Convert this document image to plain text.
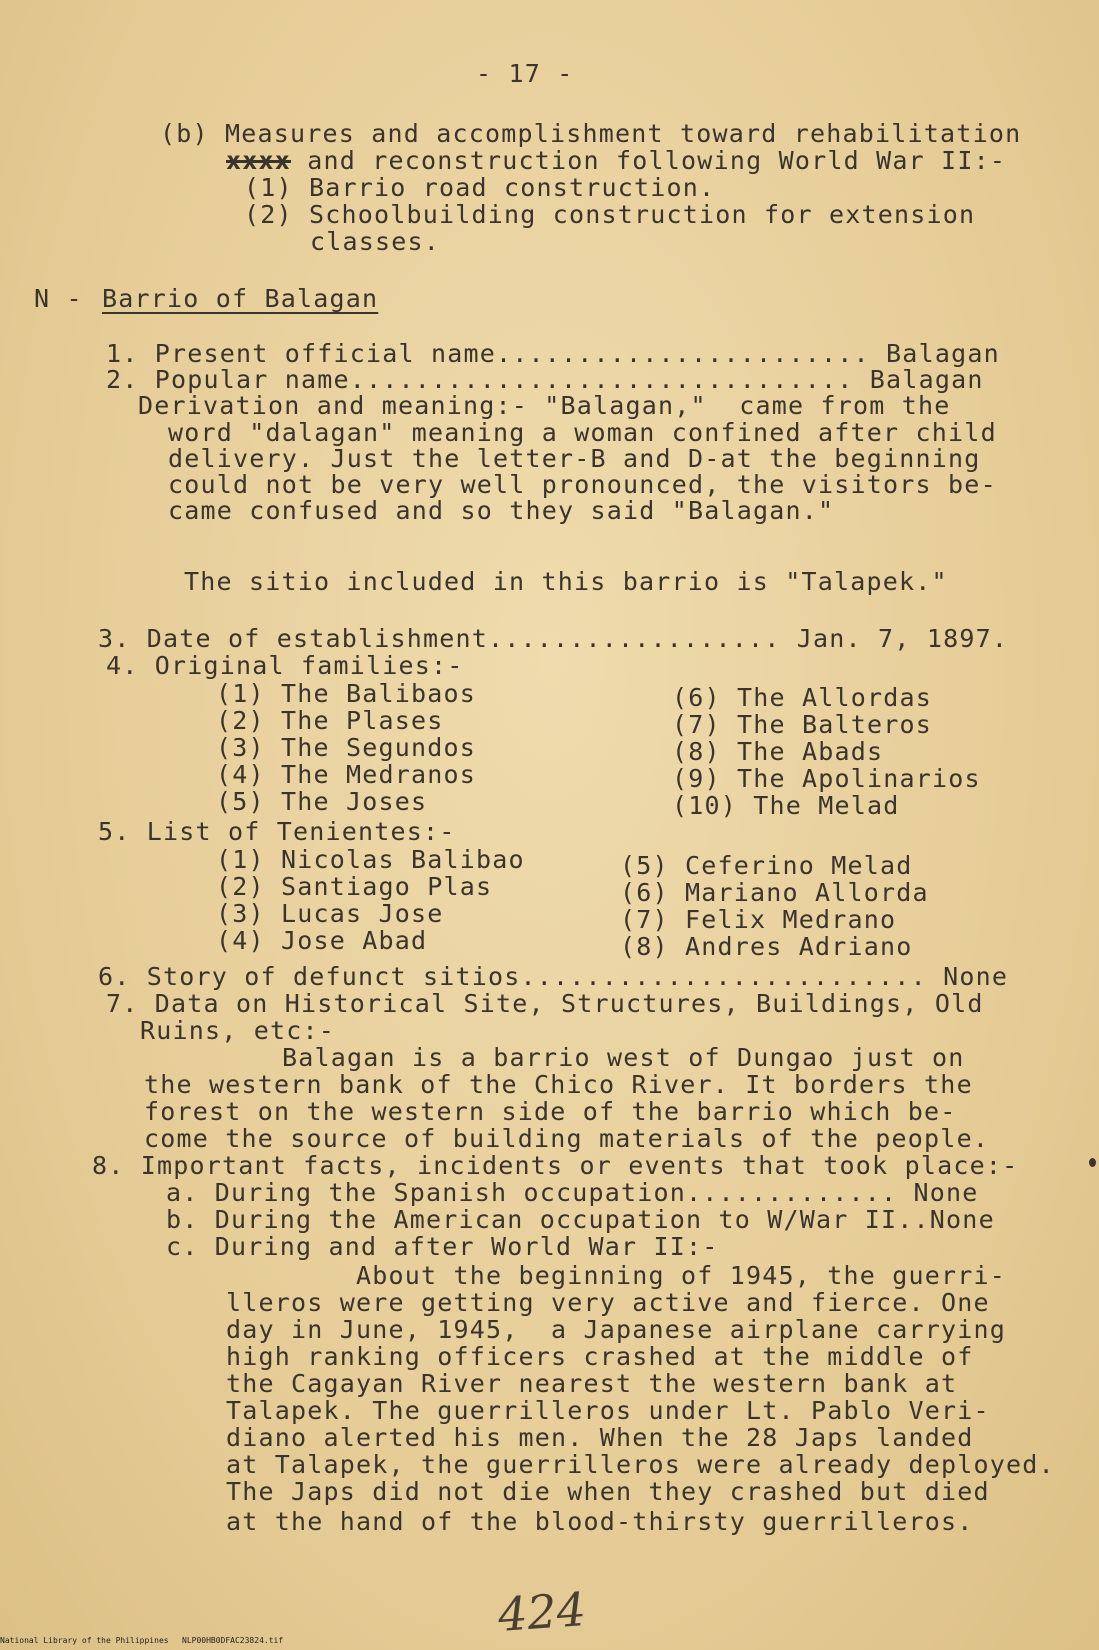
- 17 -
(b) Measures and accomplishment toward rehabilitation
xxxx and reconstruction following World War II:-
(1) Barrio road construction.
(2) Schoolbuilding construction for extension
classes.
N - Barrio of Balagan
1. Present official name....................... Balagan
2. Popular name............................... Balagan
Derivation and meaning:- "Balagan,"  came from the
word "dalagan" meaning a woman confined after child
delivery. Just the letter-B and D-at the beginning
could not be very well pronounced, the visitors be-
came confused and so they said "Balagan."
The sitio included in this barrio is "Talapek."
3. Date of establishment.................. Jan. 7, 1897.
4. Original families:-
(1) The Balibaos
(2) The Plases
(3) The Segundos
(4) The Medranos
(5) The Joses
(6) The Allordas
(7) The Balteros
(8) The Abads
(9) The Apolinarios
(10) The Melad
5. List of Tenientes:-
(1) Nicolas Balibao
(2) Santiago Plas
(3) Lucas Jose
(4) Jose Abad
(5) Ceferino Melad
(6) Mariano Allorda
(7) Felix Medrano
(8) Andres Adriano
6. Story of defunct sitios......................... None
7. Data on Historical Site, Structures, Buildings, Old
Ruins, etc:-
Balagan is a barrio west of Dungao just on
the western bank of the Chico River. It borders the
forest on the western side of the barrio which be-
come the source of building materials of the people.
8. Important facts, incidents or events that took place:-
a. During the Spanish occupation............. None
b. During the American occupation to W/War II..None
c. During and after World War II:-
About the beginning of 1945, the guerri-
lleros were getting very active and fierce. One
day in June, 1945,  a Japanese airplane carrying
high ranking officers crashed at the middle of
the Cagayan River nearest the western bank at
Talapek. The guerrilleros under Lt. Pablo Veri-
diano alerted his men. When the 28 Japs landed
at Talapek, the guerrilleros were already deployed.
The Japs did not die when they crashed but died
at the hand of the blood-thirsty guerrilleros.
424
National Library of the Philippines NLP00HB0DFAC23824.tif
